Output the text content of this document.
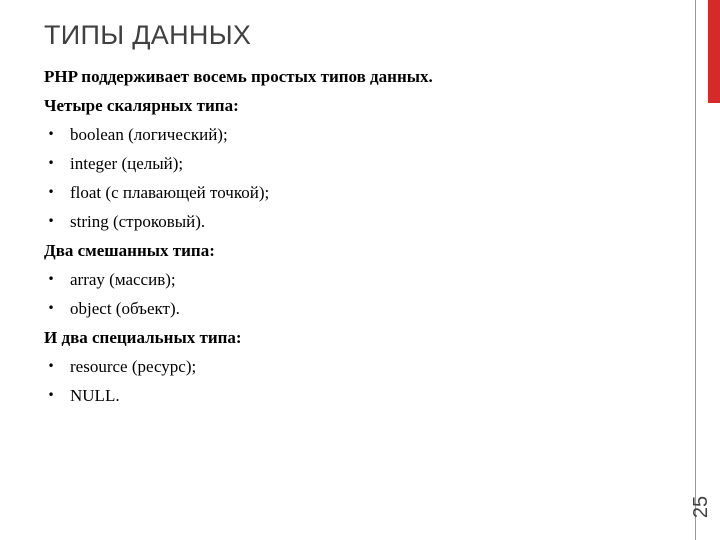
ТИПЫ ДАННЫХ
25
PHP поддерживает восемь простых типов данных.
Четыре скалярных типа:
• boolean (логический);
• integer (целый);
• float (с плавающей точкой);
• string (строковый).
Два смешанных типа:
• array (массив);
• object (объект).
И два специальных типа:
• resource (ресурс);
• NULL.
